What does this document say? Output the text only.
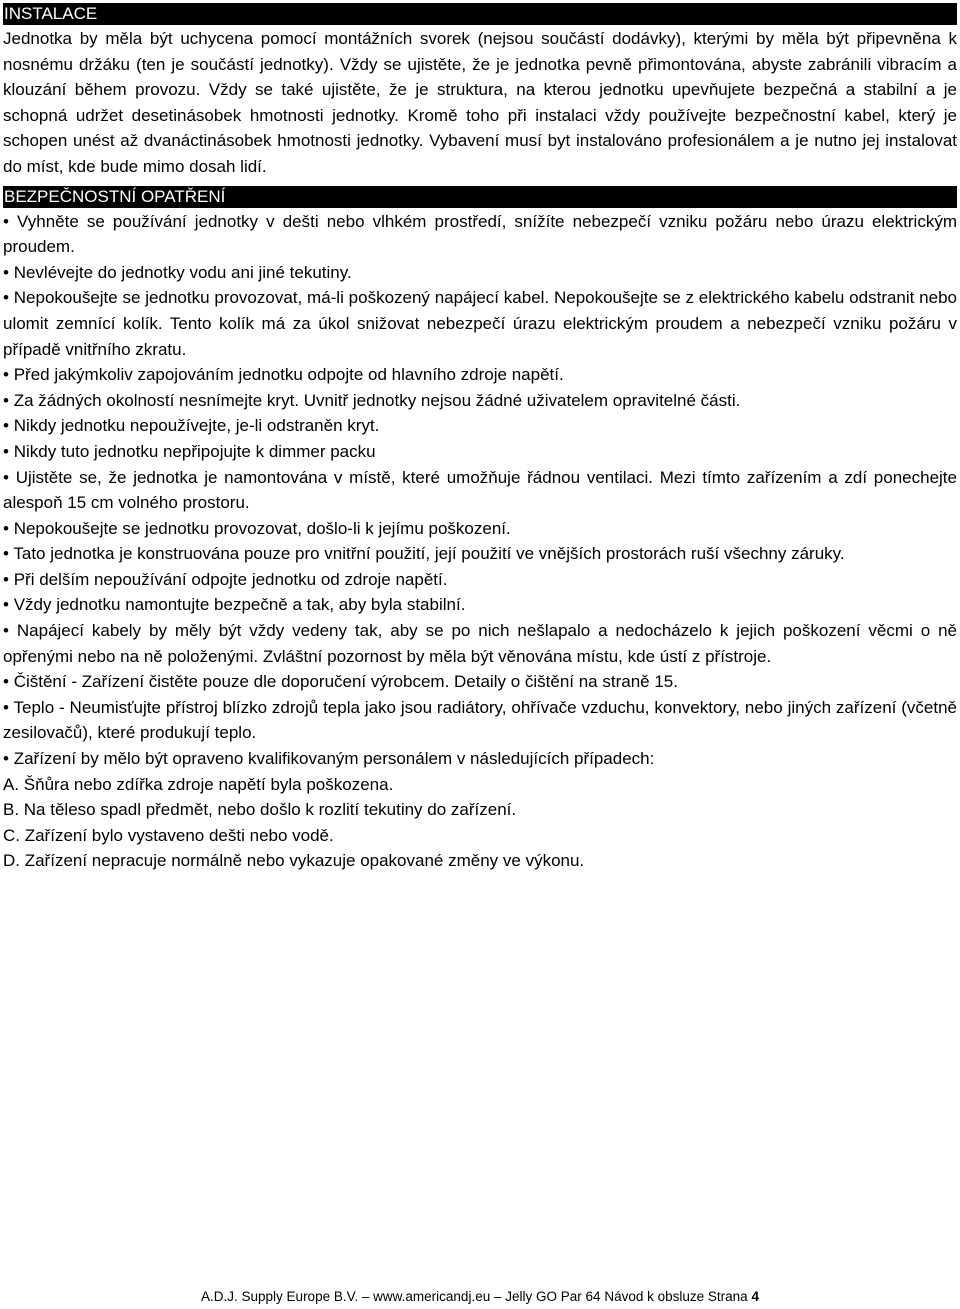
INSTALACE

Jednotka by měla být uchycena pomocí montážních svorek (nejsou součástí dodávky), kterými by měla být připevněna k nosnému držáku (ten je součástí jednotky). Vždy se ujistěte, že je jednotka pevně přimontována, abyste zabránili vibracím a klouzání během provozu. Vždy se také ujistěte, že je struktura, na kterou jednotku upevňujete bezpečná a stabilní a je schopná udržet desetinásobek hmotnosti jednotky. Kromě toho při instalaci vždy používejte bezpečnostní kabel, který je schopen unést až dvanáctinásobek hmotnosti jednotky. Vybavení musí byt instalováno profesionálem a je nutno jej instalovat do míst, kde bude mimo dosah lidí.

BEZPEČNOSTNÍ OPATŘENÍ
• Vyhněte se používání jednotky v dešti nebo vlhkém prostředí, snížíte nebezpečí vzniku požáru nebo úrazu elektrickým proudem.
• Nevlévejte do jednotky vodu ani jiné tekutiny.
• Nepokoušejte se jednotku provozovat, má-li poškozený napájecí kabel. Nepokoušejte se z elektrického kabelu odstranit nebo ulomit zemnící kolík. Tento kolík má za úkol snižovat nebezpečí úrazu elektrickým proudem a nebezpečí vzniku požáru v případě vnitřního zkratu.
• Před jakýmkoliv zapojováním jednotku odpojte od hlavního zdroje napětí.
• Za žádných okolností nesnímejte kryt. Uvnitř jednotky nejsou žádné uživatelem opravitelné části.
• Nikdy jednotku nepoužívejte, je-li odstraněn kryt.
• Nikdy tuto jednotku nepřipojujte k dimmer packu
• Ujistěte se, že jednotka je namontována v místě, které umožňuje řádnou ventilaci. Mezi tímto zařízením a zdí ponechejte alespoň 15 cm volného prostoru.
• Nepokoušejte se jednotku provozovat, došlo-li k jejímu poškození.
• Tato jednotka je konstruována pouze pro vnitřní použití, její použití ve vnějších prostorách ruší všechny záruky.
• Při delším nepoužívání odpojte jednotku od zdroje napětí.
• Vždy jednotku namontujte bezpečně a tak, aby byla stabilní.
• Napájecí kabely by měly být vždy vedeny tak, aby se po nich nešlapalo a nedocházelo k jejich poškození věcmi o ně opřenými nebo na ně položenými. Zvláštní pozornost by měla být věnována místu, kde ústí z přístroje.
• Čištění - Zařízení čistěte pouze dle doporučení výrobcem. Detaily o čištění na straně 15.
• Teplo - Neumisťujte přístroj blízko zdrojů tepla jako jsou radiátory, ohřívače vzduchu, konvektory, nebo jiných zařízení (včetně zesilovačů), které produkují teplo.
• Zařízení by mělo být opraveno kvalifikovaným personálem v následujících případech:
A. Šňůra nebo zdířka zdroje napětí byla poškozena.
B. Na těleso spadl předmět, nebo došlo k rozlití tekutiny do zařízení.
C. Zařízení bylo vystaveno dešti nebo vodě.
D. Zařízení nepracuje normálně nebo vykazuje opakované změny ve výkonu.
A.D.J. Supply Europe B.V. – www.americandj.eu – Jelly GO Par 64 Návod k obsluze Strana 4
